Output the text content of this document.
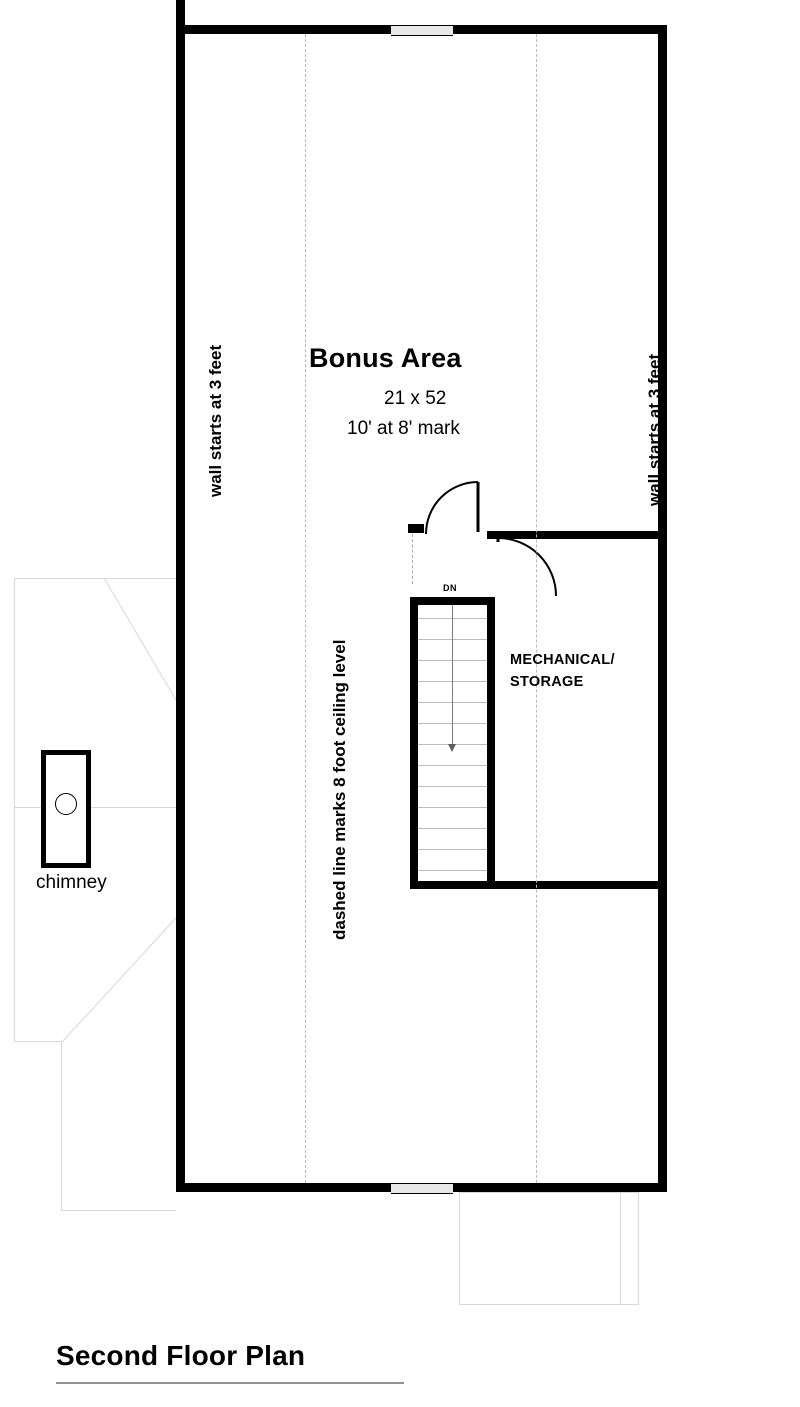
DN
chimney
Bonus Area
21 x 52
10' at 8' mark
MECHANICAL/
STORAGE
wall starts at 3 feet	wall starts at 3 feet
dashed line marks 8 foot ceiling level
Second Floor Plan
